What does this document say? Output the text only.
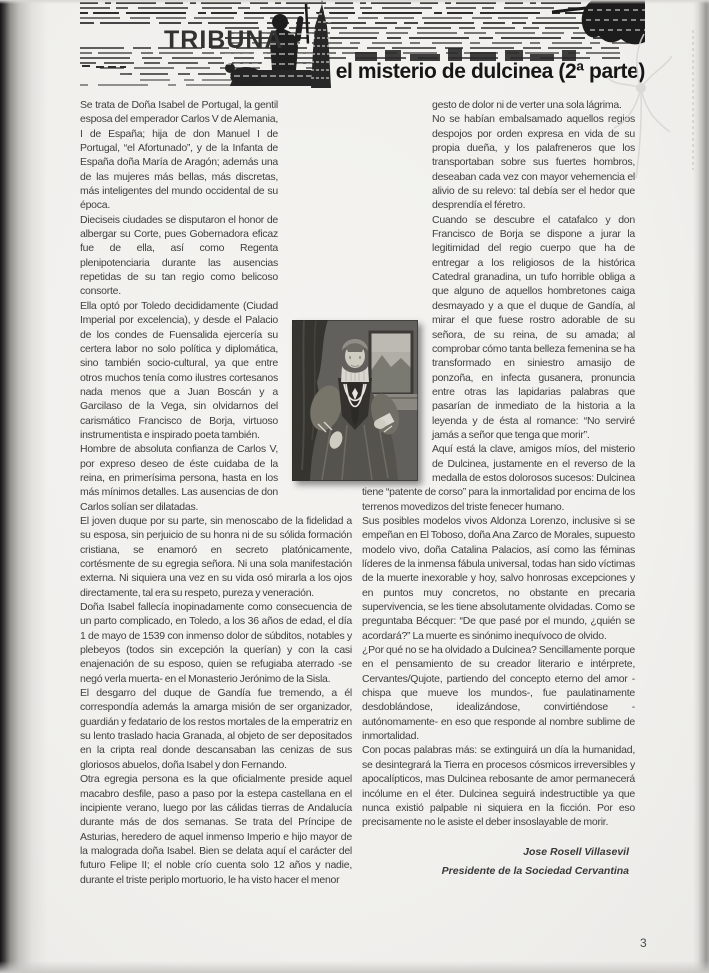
TRIBUNA
el misterio de dulcinea (2ª parte)

Se trata de Doña Isabel de Portugal, la gentil esposa del emperador Carlos V de Alemania, I de España; hija de don Manuel I de Portugal, “el Afortunado”, y de la Infanta de España doña María de Aragón; además una de las mujeres más bellas, más discretas, más inteligentes del mundo occidental de su época.

Dieciseis ciudades se disputaron el honor de albergar su Corte, pues Gobernadora eficaz fue de ella, así como Regenta plenipotenciaria durante las ausencias repetidas de su tan regio como belicoso consorte.

Ella optó por Toledo decididamente (Ciudad Imperial por excelencia), y desde el Palacio de los condes de Fuensalida ejercería su certera labor no solo política y diplomática, sino también socio-cultural, ya que entre otros muchos tenía como ilustres cortesanos nada menos que a Juan Boscán y a Garcilaso de la Vega, sin olvidarnos del carismático Francisco de Borja, virtuoso instrumentista e inspirado poeta también.

Hombre de absoluta confianza de Carlos V, por expreso deseo de éste cuidaba de la reina, en primerísima persona, hasta en los más mínimos detalles. Las ausencias de don Carlos solían ser dilatadas.

El joven duque por su parte, sin menoscabo de la fidelidad a su esposa, sin perjuicio de su honra ni de su sólida formación cristiana, se enamoró en secreto platónicamente, cortésmente de su egregia señora. Ni una sola manifestación externa. Ni siquiera una vez en su vida osó mirarla a los ojos directamente, tal era su respeto, pureza y veneración.

Doña Isabel fallecía inopinadamente como consecuencia de un parto complicado, en Toledo, a los 36 años de edad, el día 1 de mayo de 1539 con inmenso dolor de súbditos, notables y plebeyos (todos sin excepción la querían) y con la casi enajenación de su esposo, quien se refugiaba aterrado -se negó verla muerta- en el Monasterio Jerónimo de la Sisla.

El desgarro del duque de Gandía fue tremendo, a él correspondía además la amarga misión de ser organizador, guardián y fedatario de los restos mortales de la emperatriz en su lento traslado hacia Granada, al objeto de ser depositados en la cripta real donde descansaban las cenizas de sus gloriosos abuelos, doña Isabel y don Fernando.

Otra egregia persona es la que oficialmente preside aquel macabro desfile, paso a paso por la estepa castellana en el incipiente verano, luego por las cálidas tierras de Andalucía durante más de dos semanas. Se trata del Príncipe de Asturias, heredero de aquel inmenso Imperio e hijo mayor de la malograda doña Isabel. Bien se delata aquí el carácter del futuro Felipe II; el noble crío cuenta solo 12 años y nadie, durante el triste periplo mortuorio, le ha visto hacer el menor

gesto de dolor ni de verter una sola lágrima.

No se habían embalsamado aquellos regios despojos por orden expresa en vida de su propia dueña, y los palafreneros que los transportaban sobre sus fuertes hombros, deseaban cada vez con mayor vehemencia el alivio de su relevo: tal debía ser el hedor que desprendía el féretro.

Cuando se descubre el catafalco y don Francisco de Borja se dispone a jurar la legitimidad del regio cuerpo que ha de entregar a los religiosos de la histórica Catedral granadina, un tufo horrible obliga a que alguno de aquellos hombretones caiga desmayado y a que el duque de Gandía, al mirar el que fuese rostro adorable de su señora, de su reina, de su amada; al comprobar cómo tanta belleza femenina se ha transformado en siniestro amasijo de ponzoña, en infecta gusanera, pronuncia entre otras las lapidarias palabras que pasarían de inmediato de la historia a la leyenda y de ésta al romance: “No serviré jamás a señor que tenga que morir”.

Aquí está la clave, amigos míos, del misterio de Dulcinea, justamente en el reverso de la medalla de estos dolorosos sucesos: Dulcinea tiene “patente de corso” para la inmortalidad por encima de los terrenos movedizos del triste fenecer humano.

Sus posibles modelos vivos Aldonza Lorenzo, inclusive si se empeñan en El Toboso, doña Ana Zarco de Morales, supuesto modelo vivo, doña Catalina Palacios, así como las féminas líderes de la inmensa fábula universal, todas han sido víctimas de la muerte inexorable y hoy, salvo honrosas excepciones y en puntos muy concretos, no obstante en precaria supervivencia, se les tiene absolutamente olvidadas. Como se preguntaba Bécquer: “De que pasé por el mundo, ¿quién se acordará?” La muerte es sinónimo inequívoco de olvido.

¿Por qué no se ha olvidado a Dulcinea? Sencillamente porque en el pensamiento de su creador literario e intérprete, Cervantes/Qujote, partiendo del concepto eterno del amor -chispa que mueve los mundos-, fue paulatinamente desdoblándose, idealizándose, convirtiéndose -autónomamente- en eso que responde al nombre sublime de inmortalidad.

Con pocas palabras más: se extinguirá un día la humanidad, se desintegrará la Tierra en procesos cósmicos irreversibles y apocalípticos, mas Dulcinea rebosante de amor permanecerá incólume en el éter. Dulcinea seguirá indestructible ya que nunca existió palpable ni siquiera en la ficción. Por eso precisamente no le asiste el deber insoslayable de morir.

Jose Rosell Villasevil
Presidente de la Sociedad Cervantina
3
